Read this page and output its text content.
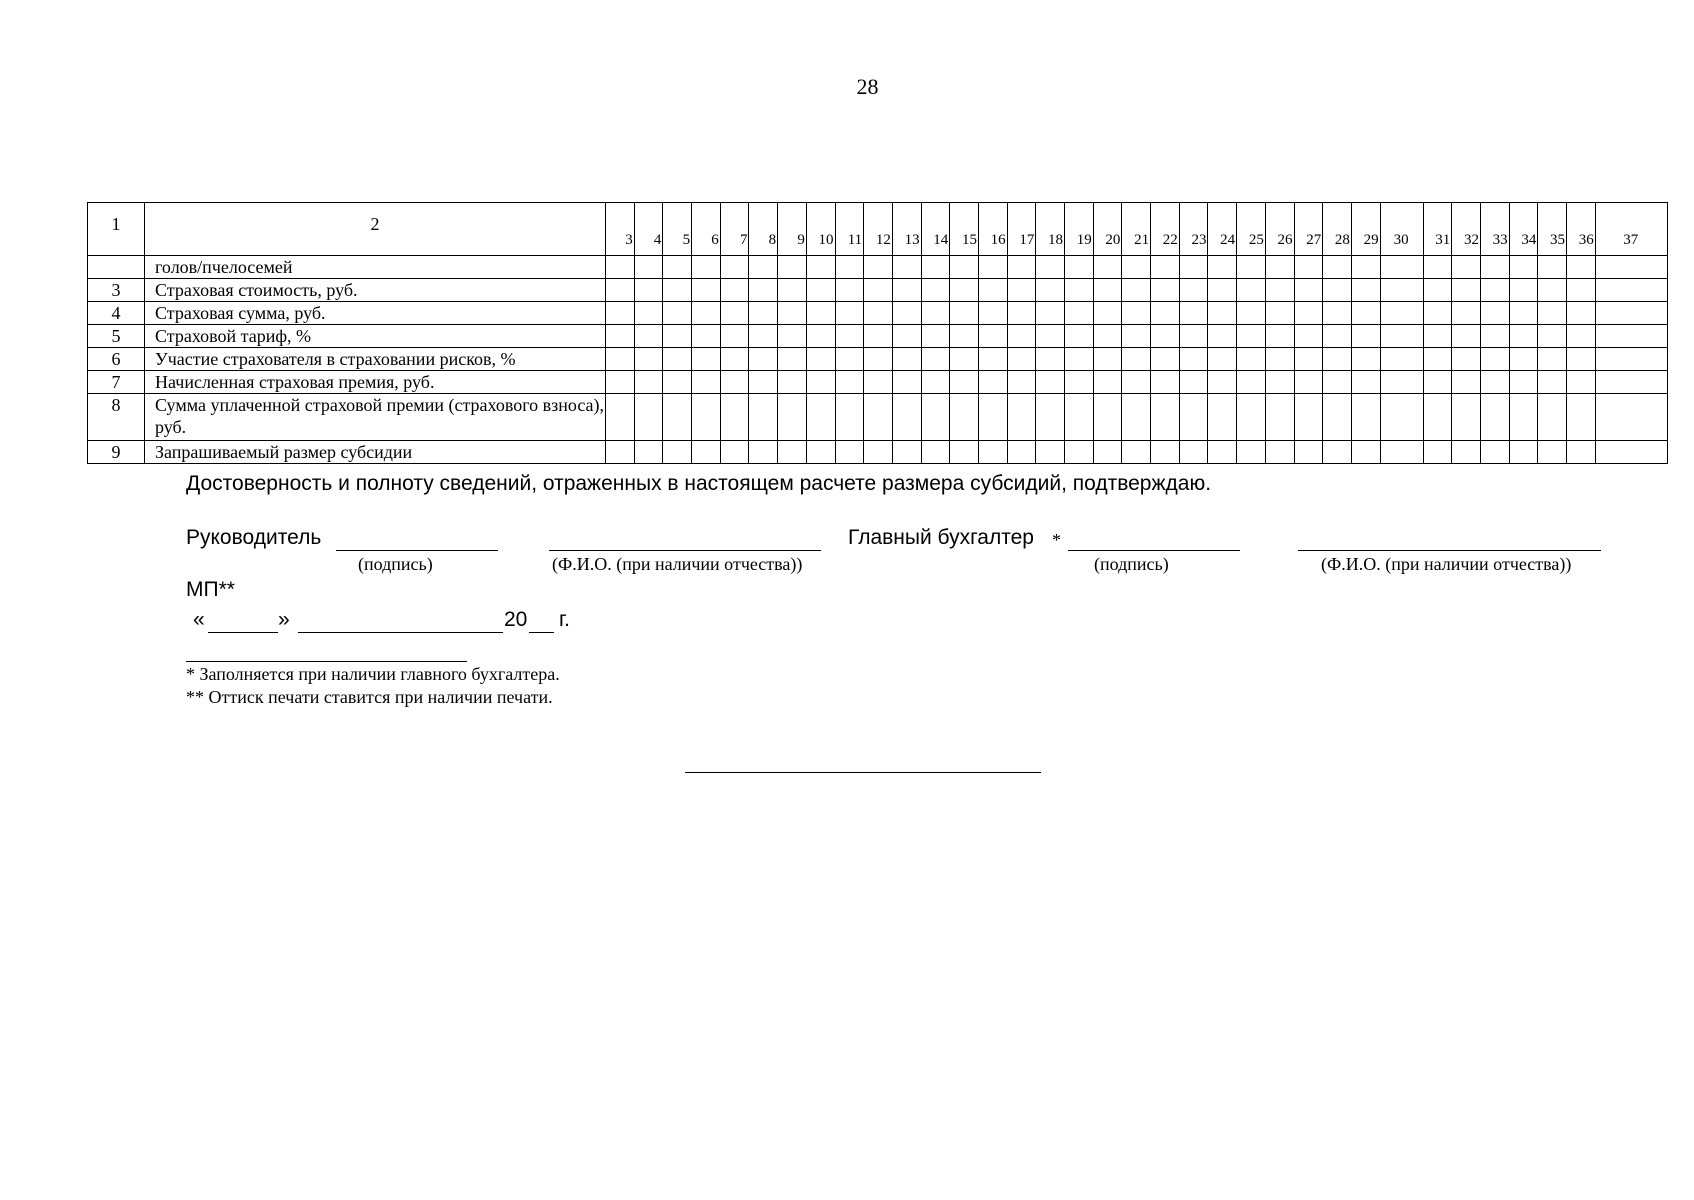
28
1	2	3	4	5	6	7	8	9	10	11	12	13	14	15	16	17	18	19	20	21	22	23	24	25	26	27	28	29	30	31	32	33	34	35	36	37
	голов/пчелосемей																																			
3	Страховая стоимость, руб.																																			
4	Страховая сумма, руб.																																			
5	Страховой тариф, %																																			
6	Участие страхователя в страховании рисков, %																																			
7	Начисленная страховая премия, руб.																																			
8	Сумма уплаченной страховой премии (страхового взноса), руб.																																			
9	Запрашиваемый размер субсидии																																			
Достоверность и полноту сведений, отраженных в настоящем расчете размера субсидий, подтверждаю.
Руководитель
(подпись)	(Ф.И.О. (при наличии отчества))
Главный бухгалтер *
(подпись)	(Ф.И.О. (при наличии отчества))
МП**
«	»	20 г.
* Заполняется при наличии главного бухгалтера.
** Оттиск печати ставится при наличии печати.
